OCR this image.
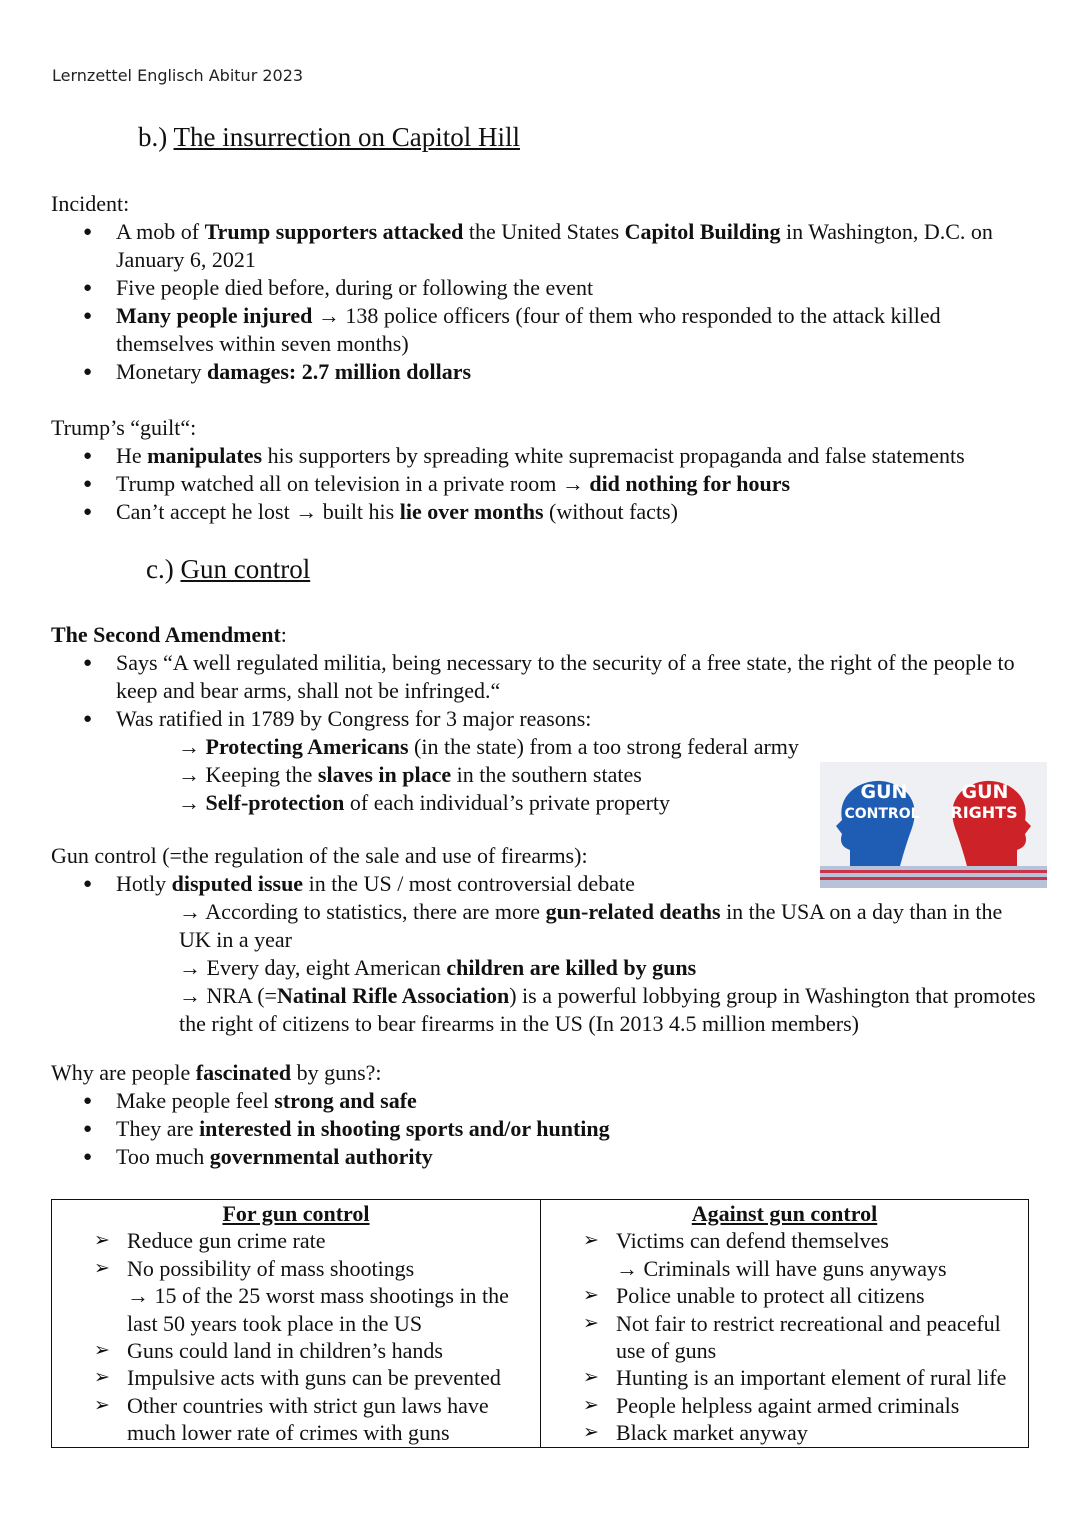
Lernzettel Englisch Abitur 2023
b.) The insurrection on Capitol Hill
Incident:
● A mob of Trump supporters attacked the United States Capitol Building in Washington, D.C. on January 6, 2021
● Five people died before, during or following the event
● Many people injured → 138 police officers (four of them who responded to the attack killed themselves within seven months)
● Monetary damages: 2.7 million dollars
Trump’s “guilt“:
● He manipulates his supporters by spreading white supremacist propaganda and false statements
● Trump watched all on television in a private room → did nothing for hours
● Can’t accept he lost → built his lie over months (without facts)
c.) Gun control
The Second Amendment:
● Says “A well regulated militia, being necessary to the security of a free state, the right of the people to keep and bear arms, shall not be infringed.“
● Was ratified in 1789 by Congress for 3 major reasons:
→ Protecting Americans (in the state) from a too strong federal army
→ Keeping the slaves in place in the southern states
→ Self-protection of each individual’s private property	GUN
CONTROL
GUN
RIGHTS
Gun control (=the regulation of the sale and use of firearms):
● Hotly disputed issue in the US / most controversial debate
→ According to statistics, there are more gun-related deaths in the USA on a day than in the UK in a year
→ Every day, eight American children are killed by guns
→ NRA (=Natinal Rifle Association) is a powerful lobbying group in Washington that promotes the right of citizens to bear firearms in the US (In 2013 4.5 million members)
Why are people fascinated by guns?:
● Make people feel strong and safe
● They are interested in shooting sports and/or hunting
● Too much governmental authority
For gun control
➢ Reduce gun crime rate
➢ No possibility of mass shootings
→ 15 of the 25 worst mass shootings in the last 50 years took place in the US
➢ Guns could land in children’s hands
➢ Impulsive acts with guns can be prevented
➢ Other countries with strict gun laws have much lower rate of crimes with guns

Against gun control
➢ Victims can defend themselves
→ Criminals will have guns anyways
➢ Police unable to protect all citizens
➢ Not fair to restrict recreational and peaceful use of guns
➢ Hunting is an important element of rural life
➢ People helpless againt armed criminals
➢ Black market anyway
